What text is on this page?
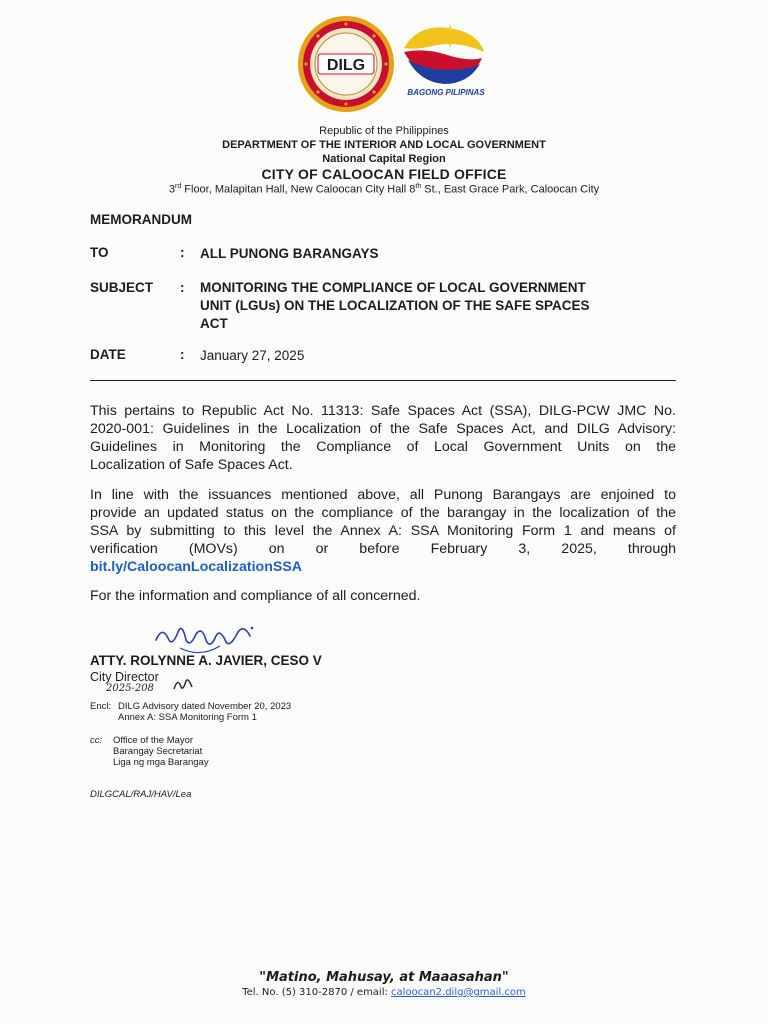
DILG
BAGONG PILIPINAS
Republic of the Philippines
DEPARTMENT OF THE INTERIOR AND LOCAL GOVERNMENT
National Capital Region
CITY OF CALOOCAN FIELD OFFICE
3rd Floor, Malapitan Hall, New Caloocan City Hall 8th St., East Grace Park, Caloocan City
MEMORANDUM
TO	: ALL PUNONG BARANGAYS
SUBJECT : MONITORING THE COMPLIANCE OF LOCAL GOVERNMENT
UNIT (LGUs) ON THE LOCALIZATION OF THE SAFE SPACES
ACT
DATE	: January 27, 2025
This pertains to Republic Act No. 11313: Safe Spaces Act (SSA), DILG-PCW JMC No.
2020-001: Guidelines in the Localization of the Safe Spaces Act, and DILG Advisory:
Guidelines in Monitoring the Compliance of Local Government Units on the
Localization of Safe Spaces Act.
In line with the issuances mentioned above, all Punong Barangays are enjoined to
provide an updated status on the compliance of the barangay in the localization of the
SSA by submitting to this level the Annex A: SSA Monitoring Form 1 and means of
verification (MOVs) on or before February 3, 2025, through
bit.ly/CaloocanLocalizationSSA
For the information and compliance of all concerned.
ATTY. ROLYNNE A. JAVIER, CESO V
City Director
2025-208
Encl: DILG Advisory dated November 20, 2023
Annex A: SSA Monitoring Form 1
cc: Office of the Mayor
Barangay Secretariat
Liga ng mga Barangay
DILGCAL/RAJ/HAV/Lea
"Matino, Mahusay, at Maaasahan"
Tel. No. (5) 310-2870 / email: caloocan2.dilg@gmail.com
